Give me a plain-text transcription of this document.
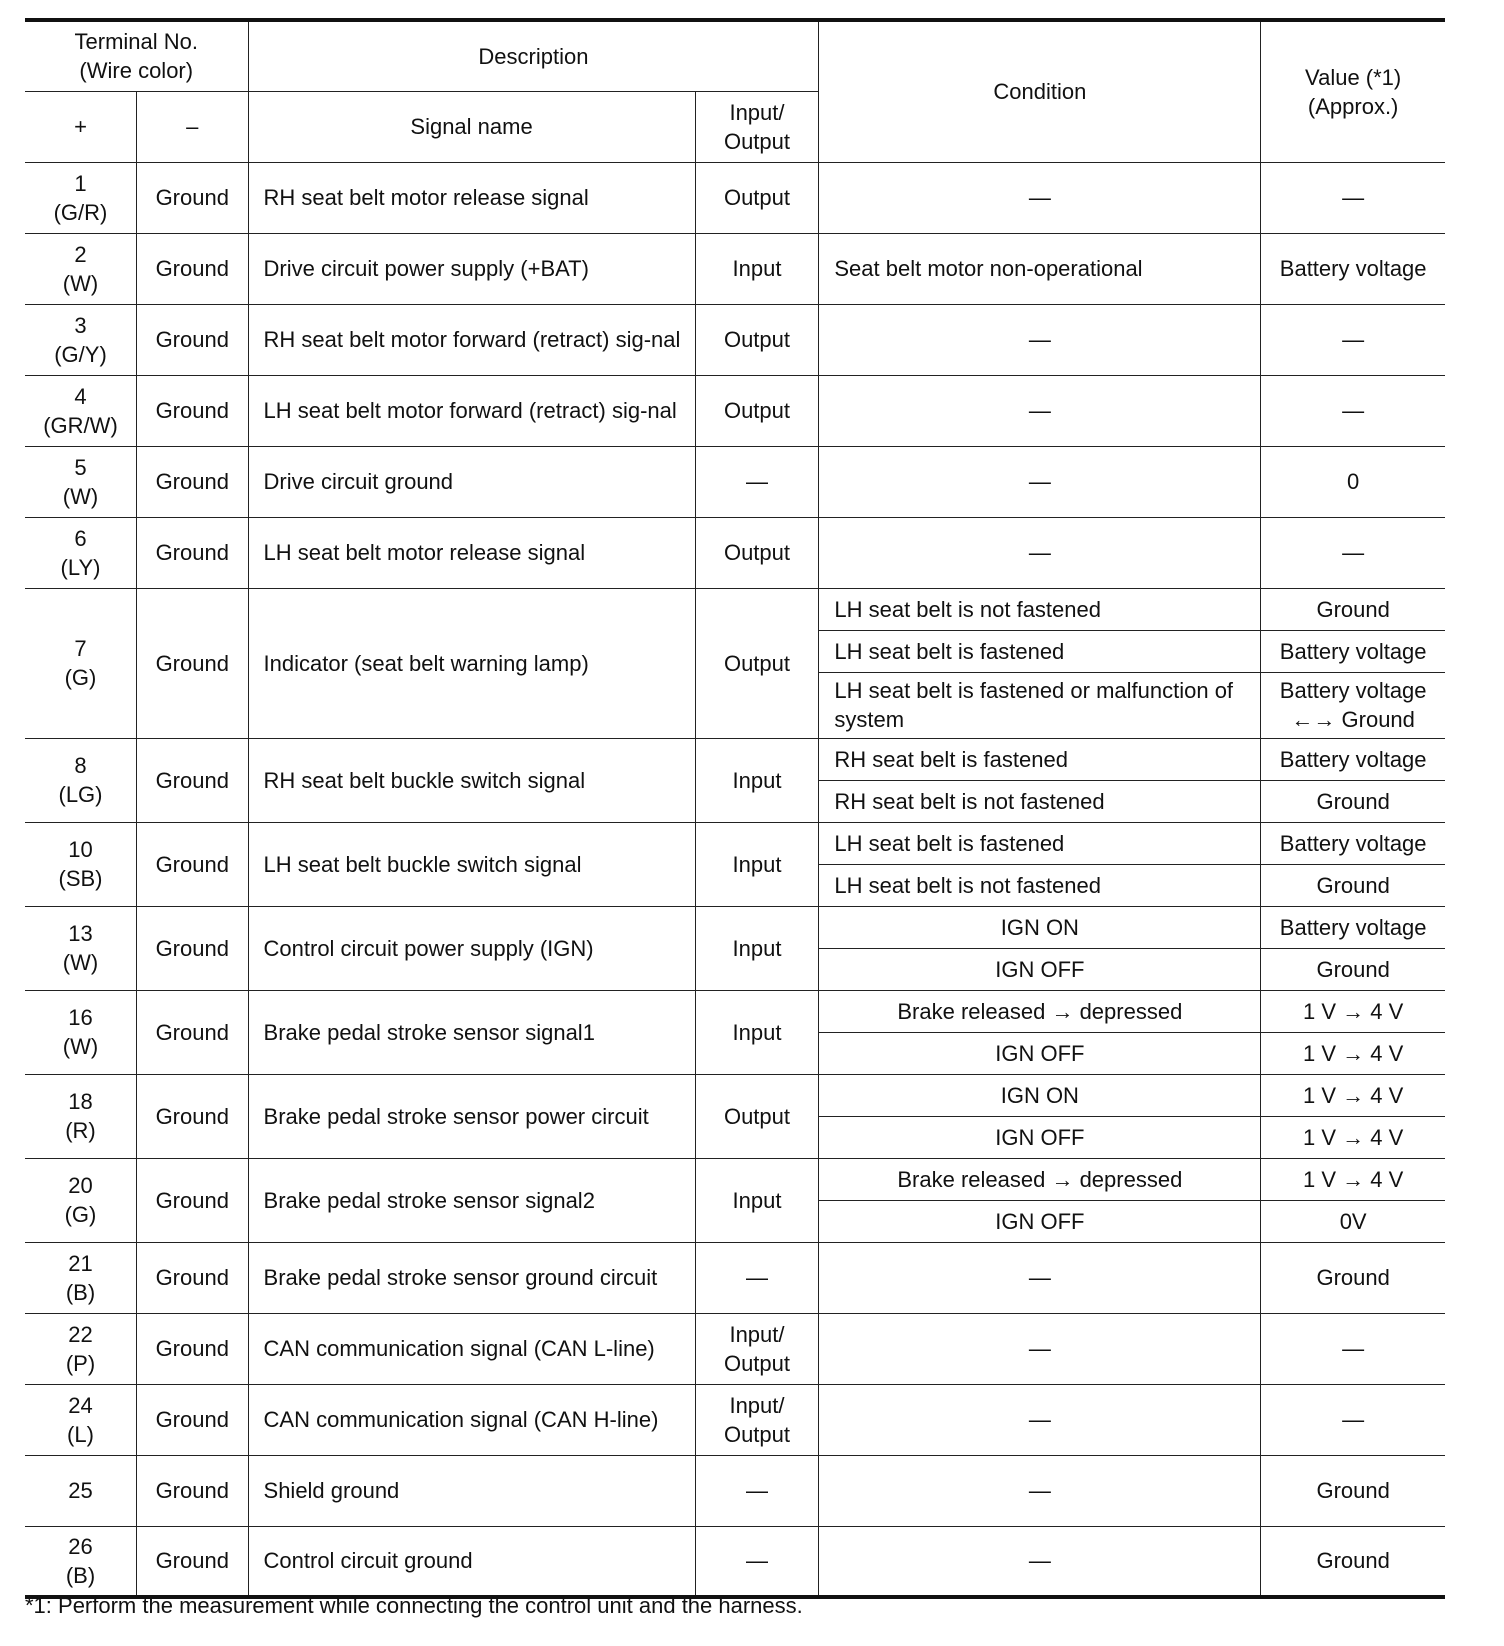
Terminal No.
(Wire color)		Description		Condition	Value (*1)
(Approx.)

+	–	Signal name	Input/
Output		

1
(G/R)	Ground	RH seat belt motor release signal	Output	—	—

2
(W)	Ground	Drive circuit power supply (+BAT)	Input	Seat belt motor non-operational	Battery voltage

3
(G/Y)	Ground	RH seat belt motor forward (retract) sig-nal	Output	—	—

4
(GR/W)	Ground	LH seat belt motor forward (retract) sig-nal	Output	—	—

5
(W)	Ground	Drive circuit ground	—	—	0

6
(LY)	Ground	LH seat belt motor release signal	Output	—	—

7
(G)	Ground	Indicator (seat belt warning lamp)	Output	LH seat belt is not fastened	Ground
				LH seat belt is fastened	Battery voltage
				LH seat belt is fastened or malfunction of system	Battery voltage ←→ Ground

8
(LG)	Ground	RH seat belt buckle switch signal	Input	RH seat belt is fastened	Battery voltage
				RH seat belt is not fastened	Ground

10
(SB)	Ground	LH seat belt buckle switch signal	Input	LH seat belt is fastened	Battery voltage
				LH seat belt is not fastened	Ground

13
(W)	Ground	Control circuit power supply (IGN)	Input	IGN ON	Battery voltage
				IGN OFF	Ground

16
(W)	Ground	Brake pedal stroke sensor signal1	Input	Brake released → depressed	1 V → 4 V
				IGN OFF	1 V → 4 V

18
(R)	Ground	Brake pedal stroke sensor power circuit	Output	IGN ON	1 V → 4 V
				IGN OFF	1 V → 4 V

20
(G)	Ground	Brake pedal stroke sensor signal2	Input	Brake released → depressed	1 V → 4 V
				IGN OFF	0V

21
(B)	Ground	Brake pedal stroke sensor ground circuit	—	—	Ground

22
(P)	Ground	CAN communication signal (CAN L-line)	Input/ Output	—	—

24
(L)	Ground	CAN communication signal (CAN H-line)	Input/ Output	—	—

25	Ground	Shield ground	—	—	Ground

26
(B)	Ground	Control circuit ground	—	—	Ground
*1: Perform the measurement while connecting the control unit and the harness.
